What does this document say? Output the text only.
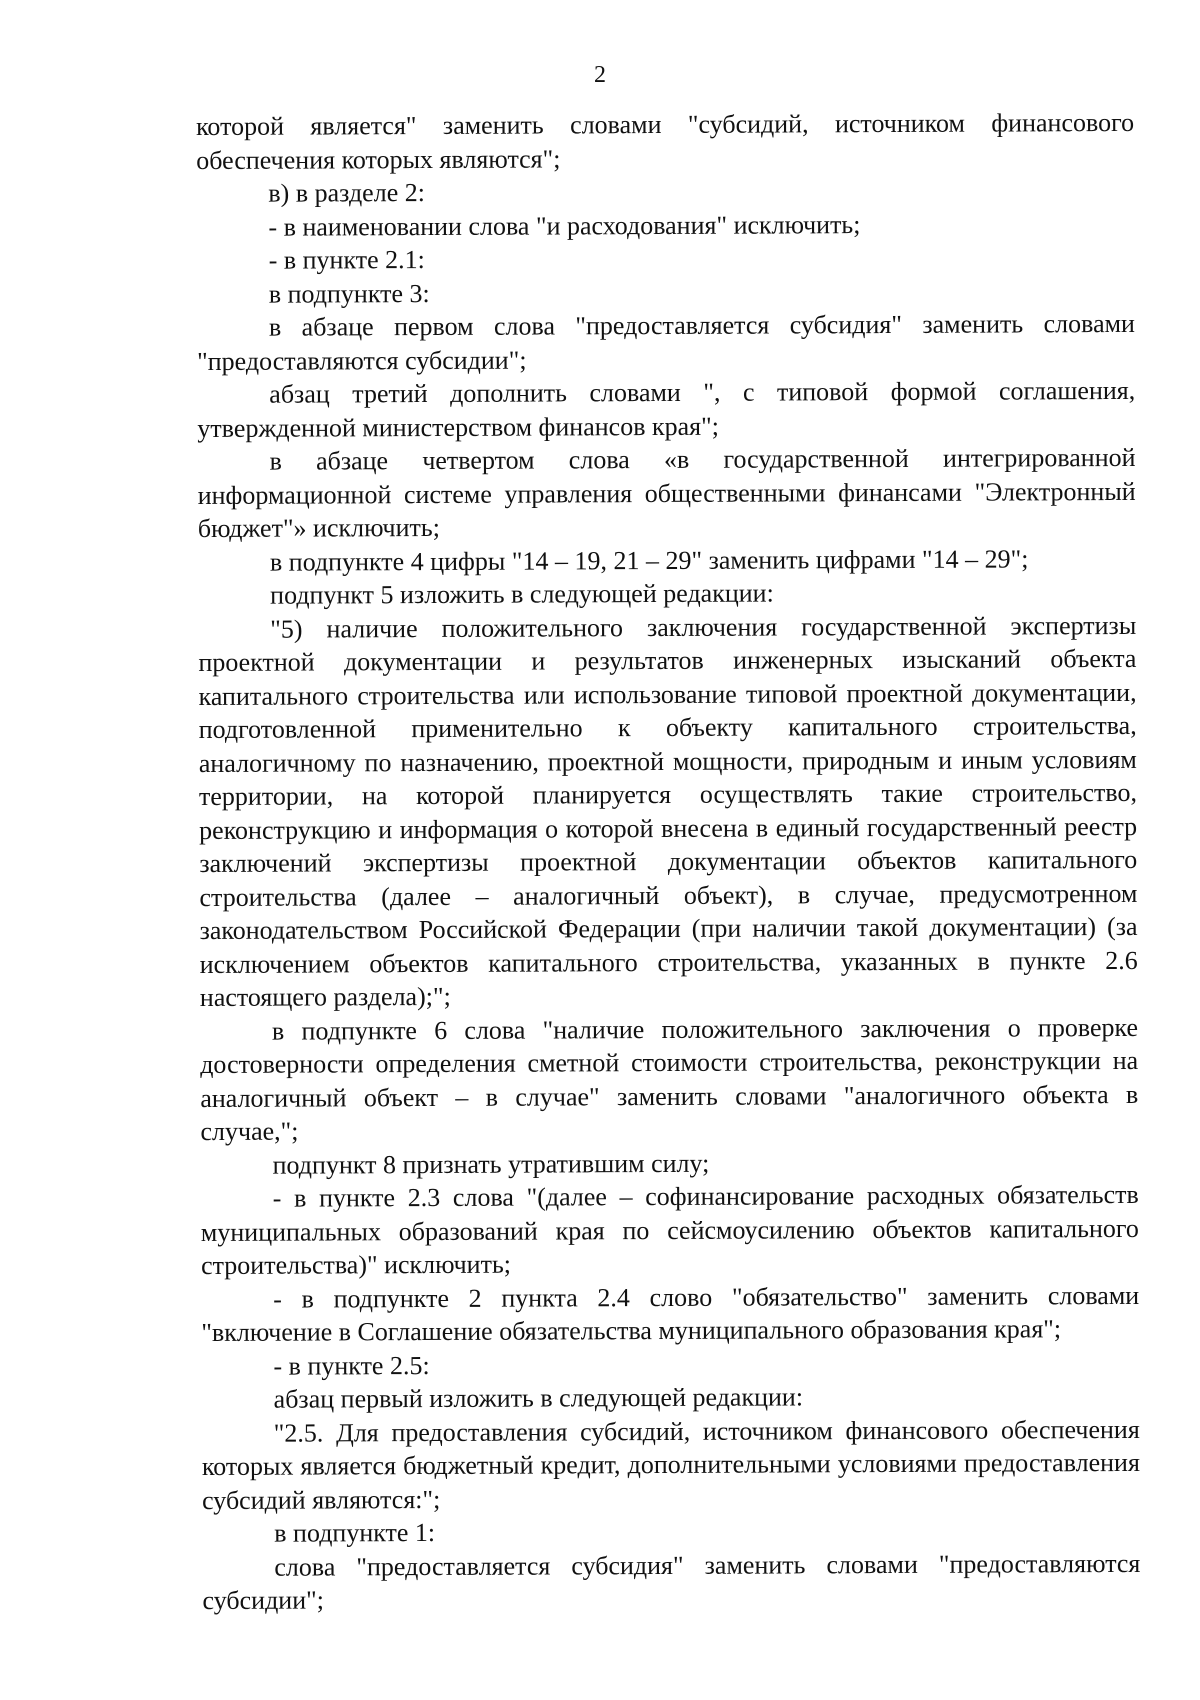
2

которой является" заменить словами "субсидий, источником финансового обеспечения которых являются";

в) в разделе 2:

- в наименовании слова "и расходования" исключить;

- в пункте 2.1:

в подпункте 3:

в абзаце первом слова "предоставляется субсидия" заменить словами "предоставляются субсидии";

абзац третий дополнить словами ", с типовой формой соглашения, утвержденной министерством финансов края";

в абзаце четвертом слова «в государственной интегрированной информационной системе управления общественными финансами "Электронный бюджет"» исключить;

в подпункте 4 цифры "14 – 19, 21 – 29" заменить цифрами "14 – 29";

подпункт 5 изложить в следующей редакции:

"5) наличие положительного заключения государственной экспертизы проектной документации и результатов инженерных изысканий объекта капитального строительства или использование типовой проектной документации, подготовленной применительно к объекту капитального строительства, аналогичному по назначению, проектной мощности, природным и иным условиям территории, на которой планируется осуществлять такие строительство, реконструкцию и информация о которой внесена в единый государственный реестр заключений экспертизы проектной документации объектов капитального строительства (далее – аналогичный объект), в случае, предусмотренном законодательством Российской Федерации (при наличии такой документации) (за исключением объектов капитального строительства, указанных в пункте 2.6 настоящего раздела);";

в подпункте 6 слова "наличие положительного заключения о проверке достоверности определения сметной стоимости строительства, реконструкции на аналогичный объект – в случае" заменить словами "аналогичного объекта в случае,";

подпункт 8 признать утратившим силу;

- в пункте 2.3 слова "(далее – софинансирование расходных обязательств муниципальных образований края по сейсмоусилению объектов капитального строительства)" исключить;

- в подпункте 2 пункта 2.4 слово "обязательство" заменить словами "включение в Соглашение обязательства муниципального образования края";

- в пункте 2.5:

абзац первый изложить в следующей редакции:

"2.5. Для предоставления субсидий, источником финансового обеспечения которых является бюджетный кредит, дополнительными условиями предоставления субсидий являются:";

в подпункте 1:

слова "предоставляется субсидия" заменить словами "предоставляются субсидии";
